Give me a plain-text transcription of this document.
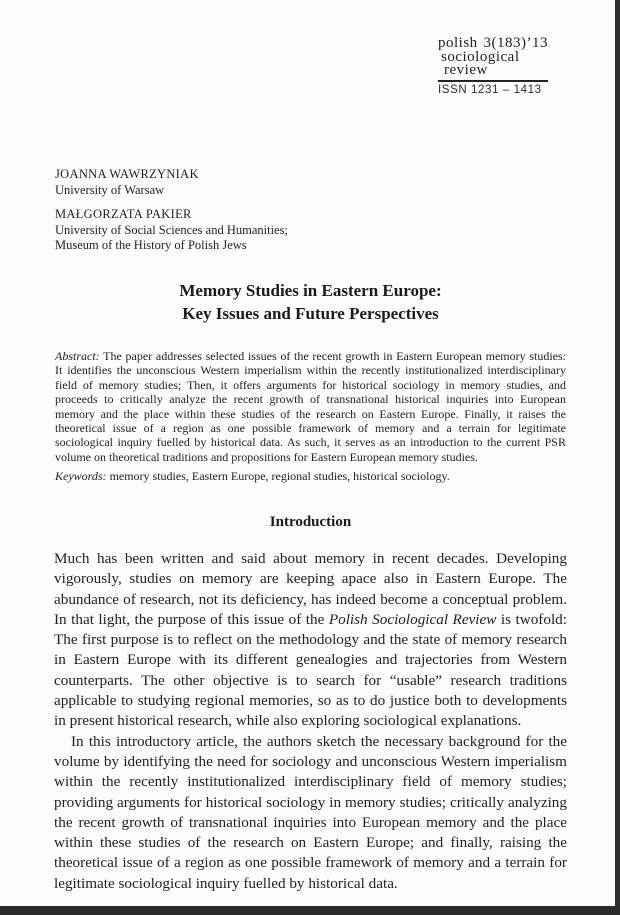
polish 3(183)’13
sociological
review
ISSN 1231 – 1413
JOANNA WAWRZYNIAK
University of Warsaw
MAŁGORZATA PAKIER
University of Social Sciences and Humanities;
Museum of the History of Polish Jews
Memory Studies in Eastern Europe:
Key Issues and Future Perspectives

Abstract: The paper addresses selected issues of the recent growth in Eastern European memory studies: It identifies the unconscious Western imperialism within the recently institutionalized interdisciplinary field of memory studies; Then, it offers arguments for historical sociology in memory studies, and proceeds to critically analyze the recent growth of transnational historical inquiries into European memory and the place within these studies of the research on Eastern Europe. Finally, it raises the theoretical issue of a region as one possible framework of memory and a terrain for legitimate sociological inquiry fuelled by historical data. As such, it serves as an introduction to the current PSR volume on theoretical traditions and propositions for Eastern European memory studies.

Keywords: memory studies, Eastern Europe, regional studies, historical sociology.

Introduction

Much has been written and said about memory in recent decades. Developing vigorously, studies on memory are keeping apace also in Eastern Europe. The abundance of research, not its deficiency, has indeed become a conceptual problem. In that light, the purpose of this issue of the Polish Sociological Review is twofold: The first purpose is to reflect on the methodology and the state of memory research in Eastern Europe with its different genealogies and trajectories from Western counterparts. The other objective is to search for “usable” research traditions applicable to studying regional memories, so as to do justice both to developments in present historical research, while also exploring sociological explanations.

In this introductory article, the authors sketch the necessary background for the volume by identifying the need for sociology and unconscious Western imperialism within the recently institutionalized interdisciplinary field of memory studies; providing arguments for historical sociology in memory studies; critically analyzing the recent growth of transnational inquiries into European memory and the place within these studies of the research on Eastern Europe; and finally, raising the theoretical issue of a region as one possible framework of memory and a terrain for legitimate sociological inquiry fuelled by historical data.
